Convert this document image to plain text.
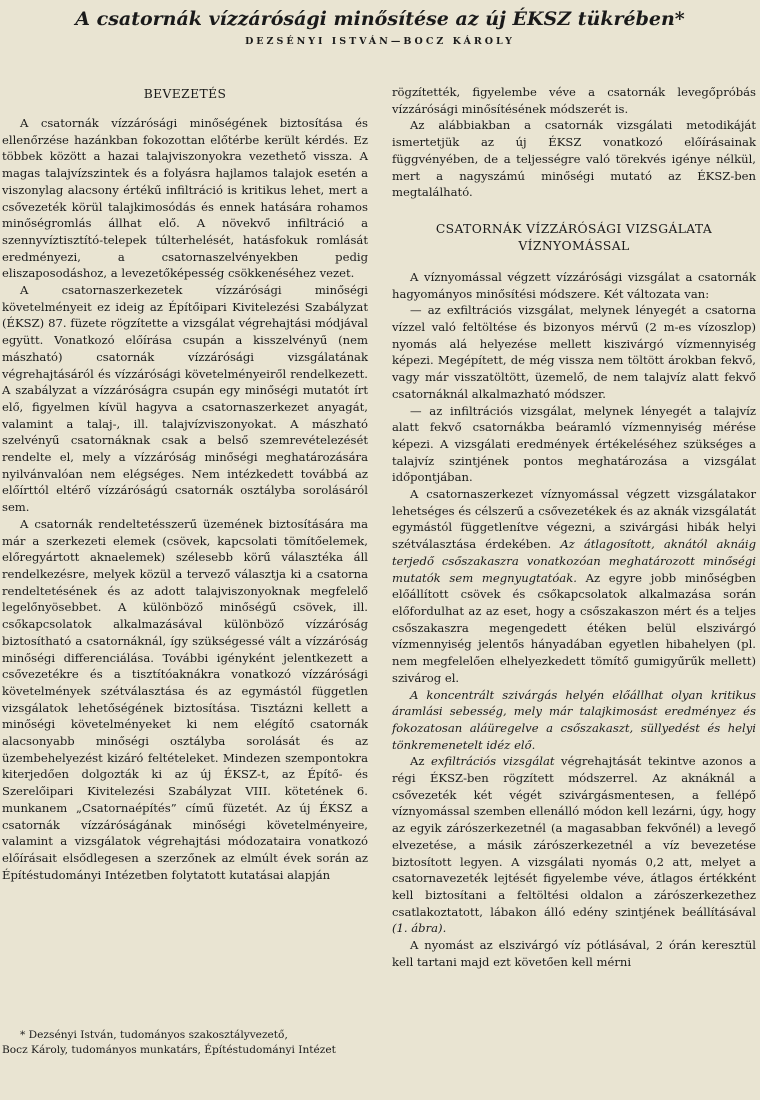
A csatornák vízzárósági minősítése az új ÉKSZ tükrében*
DEZSÉNYI ISTVÁN—BOCZ KÁROLY
BEVEZETÉS

A csatornák vízzárósági minőségének biztosítása és ellenőrzése hazánkban fokozottan előtérbe került kérdés. Ez többek között a hazai talajviszonyokra vezethető vissza. A magas talajvízszintek és a folyásra hajlamos talajok esetén a viszonylag alacsony értékű infiltráció is kritikus lehet, mert a csővezeték körül talajkimosódás és ennek hatására rohamos minőségromlás állhat elő. A növekvő infiltráció a szennyvíztisztító-telepek túlterhelését, hatásfokuk romlását eredményezi, a csatornaszelvényekben pedig eliszaposodáshoz, a levezetőképesség csökkenéséhez vezet.

A csatornaszerkezetek vízzárósági minőségi követelményeit ez ideig az Építőipari Kivitelezési Szabályzat (ÉKSZ) 87. füzete rögzítette a vizsgálat végrehajtási módjával együtt. Vonatkozó előírása csupán a kisszelvényű (nem mászható) csatornák vízzárósági vizsgálatának végrehajtásáról és vízzárósági követelményeiről rendelkezett. A szabályzat a vízzáróságra csupán egy minőségi mutatót írt elő, figyelmen kívül hagyva a csatornaszerkezet anyagát, valamint a talaj-, ill. talajvízviszonyokat. A mászható szelvényű csatornáknak csak a belső szemrevételezését rendelte el, mely a vízzáróság minőségi meghatározására nyilvánvalóan nem elégséges. Nem intézkedett továbbá az előírttól eltérő vízzáróságú csatornák osztályba sorolásáról sem.

A csatornák rendeltetésszerű üzemének biztosítására ma már a szerkezeti elemek (csövek, kapcsolati tömítőelemek, előregyártott aknaelemek) szélesebb körű választéka áll rendelkezésre, melyek közül a tervező választja ki a csatorna rendeltetésének és az adott talajviszonyoknak megfelelő legelőnyösebbet. A különböző minőségű csövek, ill. csőkapcsolatok alkalmazásával különböző vízzáróság biztosítható a csatornáknál, így szükségessé vált a vízzáróság minőségi differenciálása. További igényként jelentkezett a csővezetékre és a tisztítóaknákra vonatkozó vízzárósági követelmények szétválasztása és az egymástól független vizsgálatok lehetőségének biztosítása. Tisztázni kellett a minőségi követelményeket ki nem elégítő csatornák alacsonyabb minőségi osztályba sorolását és az üzembehelyezést kizáró feltételeket. Mindezen szempontokra kiterjedően dolgozták ki az új ÉKSZ-t, az Építő- és Szerelőipari Kivitelezési Szabályzat VIII. kötetének 6. munkanem „Csatornaépítés” című füzetét. Az új ÉKSZ a csatornák vízzáróságának minőségi követelményeire, valamint a vizsgálatok végrehajtási módozataira vonatkozó előírásait elsődlegesen a szerzőnek az elmúlt évek során az Építéstudományi Intézetben folytatott kutatásai alapján

rögzítették, figyelembe véve a csatornák levegőpróbás vízzárósági minősítésének módszerét is.

Az alábbiakban a csatornák vizsgálati metodikáját ismertetjük az új ÉKSZ vonatkozó előírásainak függvényében, de a teljességre való törekvés igénye nélkül, mert a nagyszámú minőségi mutató az ÉKSZ-ben megtalálható.

CSATORNÁK VÍZZÁRÓSÁGI VIZSGÁLATA VÍZNYOMÁSSAL

A víznyomással végzett vízzárósági vizsgálat a csatornák hagyományos minősítési módszere. Két változata van:

— az exfiltrációs vizsgálat, melynek lényegét a csatorna vízzel való feltöltése és bizonyos mérvű (2 m-es vízoszlop) nyomás alá helyezése mellett kiszivárgó vízmennyiség képezi. Megépített, de még vissza nem töltött árokban fekvő, vagy már visszatöltött, üzemelő, de nem talajvíz alatt fekvő csatornáknál alkalmazható módszer.

— az infiltrációs vizsgálat, melynek lényegét a talajvíz alatt fekvő csatornákba beáramló vízmennyiség mérése képezi. A vizsgálati eredmények értékeléséhez szükséges a talajvíz szintjének pontos meghatározása a vizsgálat időpontjában.

A csatornaszerkezet víznyomással végzett vizsgálatakor lehetséges és célszerű a csővezetékek és az aknák vizsgálatát egymástól függetlenítve végezni, a szivárgási hibák helyi szétválasztása érdekében. Az átlagosított, aknától aknáig terjedő csőszakaszra vonatkozóan meghatározott minőségi mutatók sem megnyugtatóak. Az egyre jobb minőségben előállított csövek és csőkapcsolatok alkalmazása során előfordulhat az az eset, hogy a csőszakaszon mért és a teljes csőszakaszra megengedett étéken belül elszivárgó vízmennyiség jelentős hányadában egyetlen hibahelyen (pl. nem megfelelően elhelyezkedett tömítő gumigyűrűk mellett) szivárog el.

A koncentrált szivárgás helyén előállhat olyan kritikus áramlási sebesség, mely már talajkimosást eredményez és fokozatosan aláüregelve a csőszakaszt, süllyedést és helyi tönkremenetelt idéz elő.

Az exfiltrációs vizsgálat végrehajtását tekintve azonos a régi ÉKSZ-ben rögzített módszerrel. Az aknáknál a csővezeték két végét szivárgásmentesen, a fellépő víznyomással szemben ellenálló módon kell lezárni, úgy, hogy az egyik zárószerkezetnél (a magasabban fekvőnél) a levegő elvezetése, a másik zárószerkezetnél a víz bevezetése biztosított legyen. A vizsgálati nyomás 0,2 att, melyet a csatornavezeték lejtését figyelembe véve, átlagos értékként kell biztosítani a feltöltési oldalon a zárószerkezethez csatlakoztatott, lábakon álló edény szintjének beállításával (1. ábra).

A nyomást az elszivárgó víz pótlásával, 2 órán keresztül kell tartani majd ezt követően kell mérni

* Dezsényi István, tudományos szakosztályvezető,

Bocz Károly, tudományos munkatárs, Építéstudományi Intézet
